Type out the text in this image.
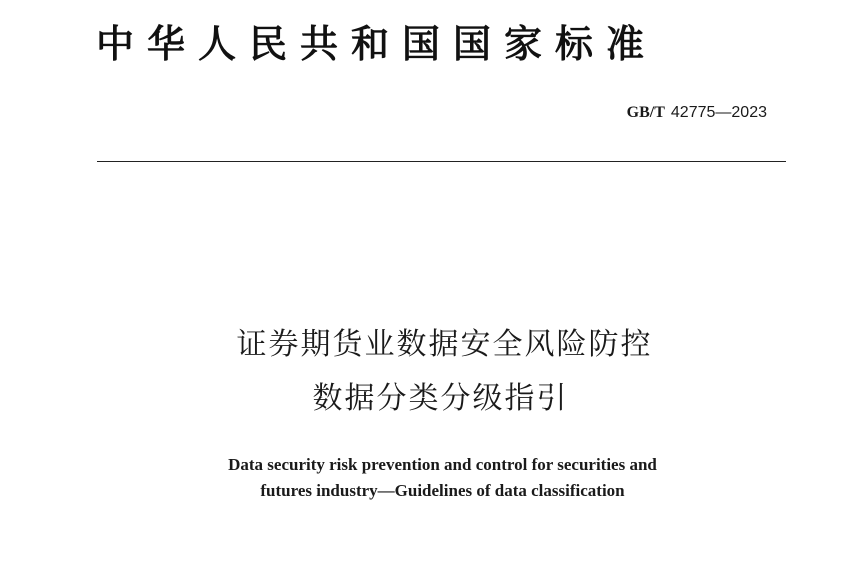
中华人民共和国国家标准
GB/T 42775—2023
证券期货业数据安全风险防控
数据分类分级指引
Data security risk prevention and control for securities and
futures industry—Guidelines of data classification
